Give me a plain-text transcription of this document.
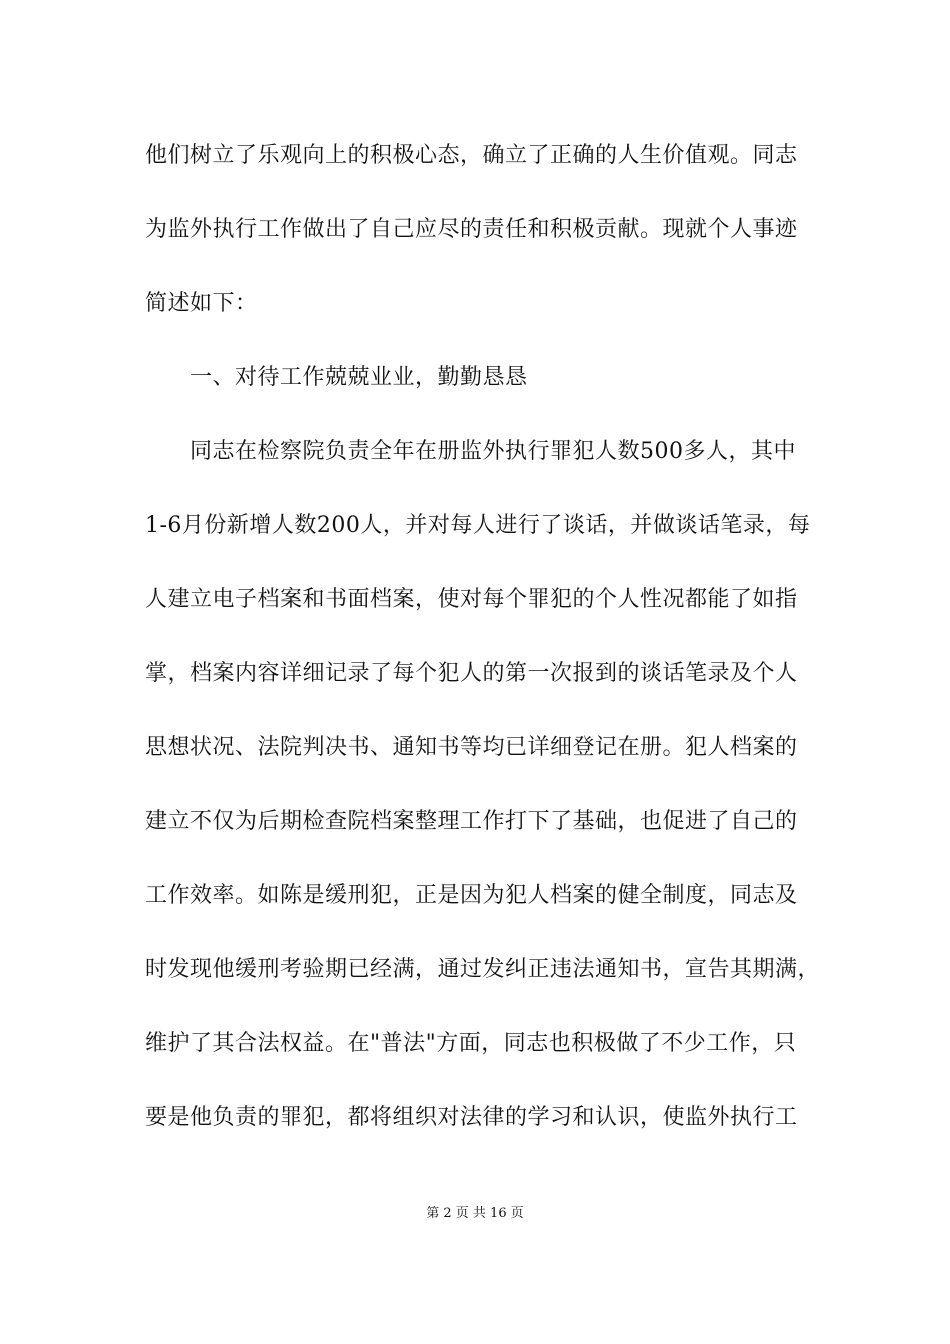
他们树立了乐观向上的积极心态，确立了正确的人生价值观。同志
为监外执行工作做出了自己应尽的责任和积极贡献。现就个人事迹
简述如下：
一、对待工作兢兢业业，勤勤恳恳
同志在检察院负责全年在册监外执行罪犯人数500多人，其中
1-6月份新增人数200人，并对每人进行了谈话，并做谈话笔录，每
人建立电子档案和书面档案，使对每个罪犯的个人性况都能了如指
掌，档案内容详细记录了每个犯人的第一次报到的谈话笔录及个人
思想状况、法院判决书、通知书等均已详细登记在册。犯人档案的
建立不仅为后期检查院档案整理工作打下了基础，也促进了自己的
工作效率。如陈是缓刑犯，正是因为犯人档案的健全制度，同志及
时发现他缓刑考验期已经满，通过发纠正违法通知书，宣告其期满，
维护了其合法权益。在"普法"方面，同志也积极做了不少工作，只
要是他负责的罪犯，都将组织对法律的学习和认识，使监外执行工
第 2 页 共 16 页
